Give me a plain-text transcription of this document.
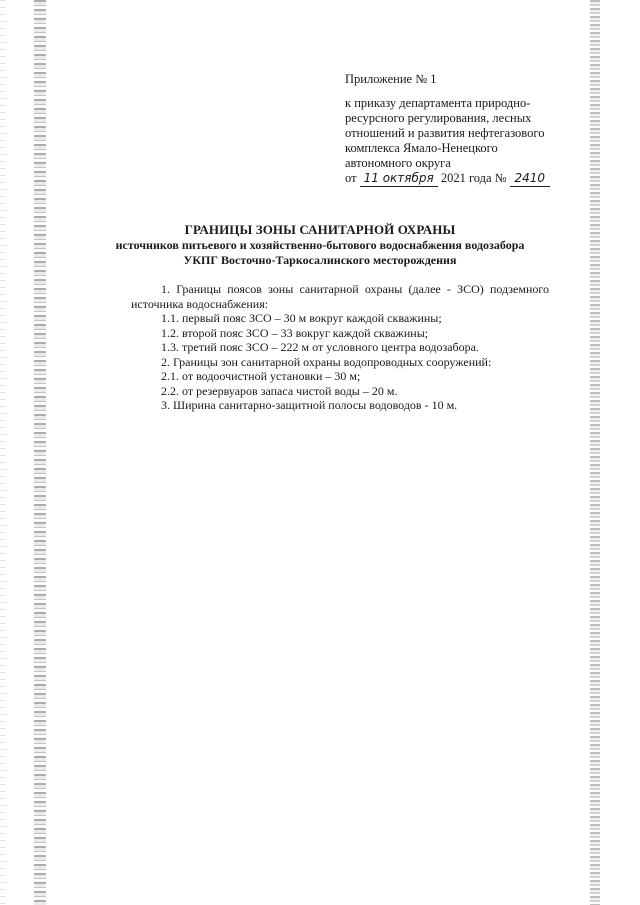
Приложение № 1
к приказу департамента природно-
ресурсного регулирования, лесных
отношений и развития нефтегазового
комплекса Ямало-Ненецкого
автономного округа
от 11 октября 2021 года № 2410
ГРАНИЦЫ ЗОНЫ САНИТАРНОЙ ОХРАНЫ
источников питьевого и хозяйственно-бытового водоснабжения водозабора
УКПГ Восточно-Таркосалинского месторождения

1. Границы поясов зоны санитарной охраны (далее - ЗСО) подземного источника водоснабжения:

1.1. первый пояс ЗСО – 30 м вокруг каждой скважины;

1.2. второй пояс ЗСО – 33 вокруг каждой скважины;

1.3. третий пояс ЗСО – 222 м от условного центра водозабора.

2. Границы зон санитарной охраны водопроводных сооружений:

2.1. от водоочистной установки – 30 м;

2.2. от резервуаров запаса чистой воды – 20 м.

3. Ширина санитарно-защитной полосы водоводов - 10 м.
